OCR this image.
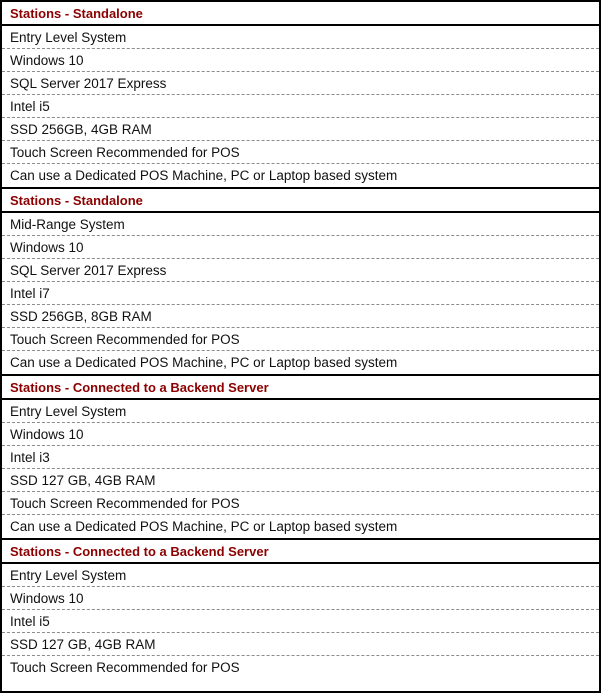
Stations - Standalone
Entry Level System
Windows 10
SQL Server 2017 Express
Intel i5
SSD 256GB, 4GB RAM
Touch Screen Recommended for POS
Can use a Dedicated POS Machine, PC or Laptop based system
Stations - Standalone
Mid-Range System
Windows 10
SQL Server 2017 Express
Intel i7
SSD 256GB, 8GB RAM
Touch Screen Recommended for POS
Can use a Dedicated POS Machine, PC or Laptop based system
Stations - Connected to a Backend Server
Entry Level System
Windows 10
Intel i3
SSD 127 GB, 4GB RAM
Touch Screen Recommended for POS
Can use a Dedicated POS Machine, PC or Laptop based system
Stations - Connected to a Backend Server
Entry Level System
Windows 10
Intel i5
SSD 127 GB, 4GB RAM
Touch Screen Recommended for POS
